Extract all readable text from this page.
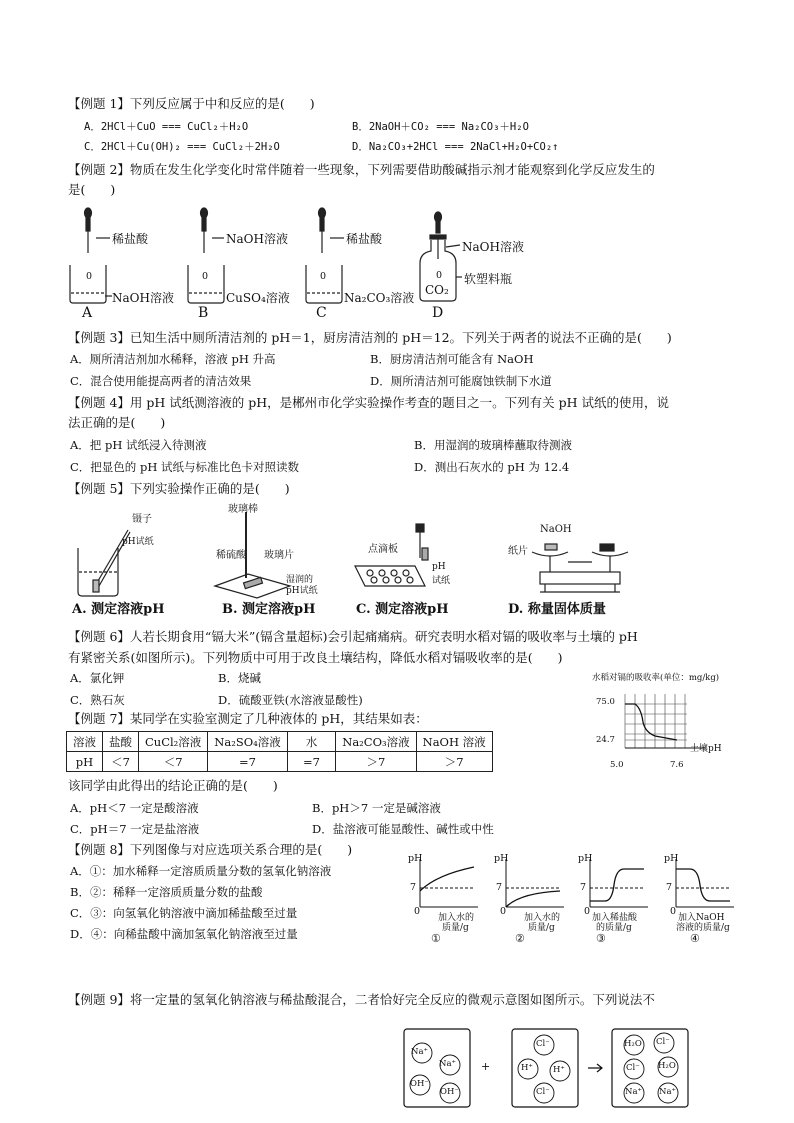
【例题 1】下列反应属于中和反应的是(　　)
A．2HCl＋CuO === CuCl₂＋H₂O	B．2NaOH＋CO₂ === Na₂CO₃＋H₂O
C．2HCl＋Cu(OH)₂ === CuCl₂＋2H₂O	D．Na₂CO₃+2HCl === 2NaCl+H₂O+CO₂↑
【例题 2】物质在发生化学变化时常伴随着一些现象，下列需要借助酸碱指示剂才能观察到化学反应发生的
是(　　)
稀盐酸
0
NaOH溶液
A
NaOH溶液
0
CuSO₄溶液
B
稀盐酸
0
Na₂CO₃溶液
C
NaOH溶液
0
CO₂
软塑料瓶
D
【例题 3】已知生活中厕所清洁剂的 pH＝1，厨房清洁剂的 pH＝12。下列关于两者的说法不正确的是(　　)
A．厕所清洁剂加水稀释，溶液 pH 升高	B．厨房清洁剂可能含有 NaOH
C．混合使用能提高两者的清洁效果	D．厕所清洁剂可能腐蚀铁制下水道
【例题 4】用 pH 试纸测溶液的 pH，是郴州市化学实验操作考查的题目之一。下列有关 pH 试纸的使用，说
法正确的是(　　)
A．把 pH 试纸浸入待测液	B．用湿润的玻璃棒蘸取待测液
C．把显色的 pH 试纸与标准比色卡对照读数	D．测出石灰水的 pH 为 12.4
【例题 5】下列实验操作正确的是(　　)
镊子
pH试纸
A. 测定溶液pH
玻璃棒
稀硫酸 玻璃片
湿润的
pH试纸
B. 测定溶液pH
点滴板
pH
试纸
C. 测定溶液pH
NaOH
纸片
D. 称量固体质量
【例题 6】人若长期食用“镉大米”(镉含量超标)会引起痛痛病。研究表明水稻对镉的吸收率与土壤的 pH
有紧密关系(如图所示)。下列物质中可用于改良土壤结构，降低水稻对镉吸收率的是(　　)
A．氯化钾	B．烧碱
C．熟石灰	D．硫酸亚铁(水溶液显酸性)
水稻对镉的吸收率(单位：mg/kg)
75.0
24.7
5.0	7.6
土壤pH
【例题 7】某同学在实验室测定了几种液体的 pH，其结果如表：
溶液	盐酸	CuCl₂溶液	Na₂SO₄溶液	水	Na₂CO₃溶液	NaOH 溶液
pH	＜7	＜7	=7	=7	＞7	＞7
该同学由此得出的结论正确的是(　　)
A．pH＜7 一定是酸溶液	B．pH＞7 一定是碱溶液
C．pH＝7 一定是盐溶液	D．盐溶液可能显酸性、碱性或中性
【例题 8】下列图像与对应选项关系合理的是(　　)
A．①：加水稀释一定溶质质量分数的氢氧化钠溶液
B．②：稀释一定溶质质量分数的盐酸
C．③：向氢氧化钠溶液中滴加稀盐酸至过量
D．④：向稀盐酸中滴加氢氧化钠溶液至过量
pH
7
0
加入水的
质量/g
①
pH
7
0
加入水的
质量/g
②
pH
7
0
加入稀盐酸
的质量/g
③
pH
7
0
加入NaOH
溶液的质量/g
④
【例题 9】将一定量的氢氧化钠溶液与稀盐酸混合，二者恰好完全反应的微观示意图如图所示。下列说法不
Na⁺
Na⁺
OH⁻
OH⁻
+
Cl⁻
H⁺ H⁺
Cl⁻
H₂O Cl⁻
Cl⁻ H₂O
Na⁺ Na⁺
